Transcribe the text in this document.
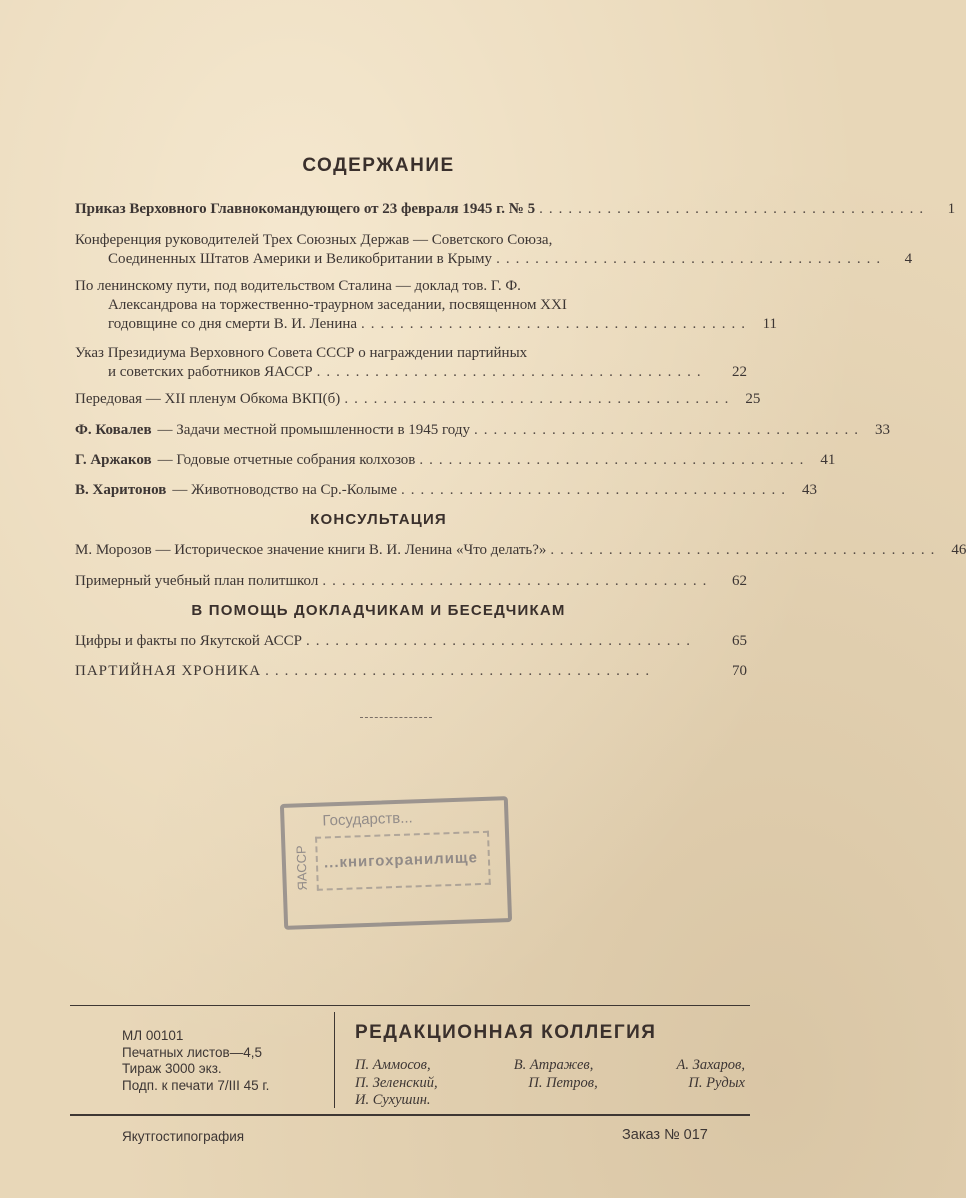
СОДЕРЖАНИЕ
Приказ Верховного Главнокомандующего от 23 февраля 1945 г. № 5 ........................................	1
Конференция руководителей Трех Союзных Держав — Советского Союза,
Соединенных Штатов Америки и Великобритании в Крыму ........................................	4
По ленинскому пути, под водительством Сталина — доклад тов. Г. Ф.
Александрова на торжественно-траурном заседании, посвященном XXI
годовщине со дня смерти В. И. Ленина ........................................ 11
Указ Президиума Верховного Совета СССР о награждении партийных
и советских работников ЯАССР ........................................	22
Передовая — XII пленум Обкома ВКП(б) ........................................ 25
Ф. Ковалев — Задачи местной промышленности в 1945 году ........................................ 33
Г. Аржаков — Годовые отчетные собрания колхозов ........................................ 41
В. Харитонов — Животноводство на Ср.-Колыме ........................................ 43
КОНСУЛЬТАЦИЯ
М. Морозов — Историческое значение книги В. И. Ленина «Что делать?» ........................................ 46
Примерный учебный план политшкол ........................................	62
В ПОМОЩЬ ДОКЛАДЧИКАМ И БЕСЕДЧИКАМ
Цифры и факты по Якутской АССР ........................................	65
ПАРТИЙНАЯ ХРОНИКА ........................................	70
Государств...
...книгохранилище
ЯАССР
МЛ 00101
Печатных листов—4,5
Тираж 3000 экз.
Подп. к печати 7/III 45 г.
РЕДАКЦИОННАЯ КОЛЛЕГИЯ
П. Аммосов,	В. Атражев,	А. Захаров,
П. Зеленский,	П. Петров,	П. Рудых
И. Сухушин.
Якутгостипография	Заказ № 017
